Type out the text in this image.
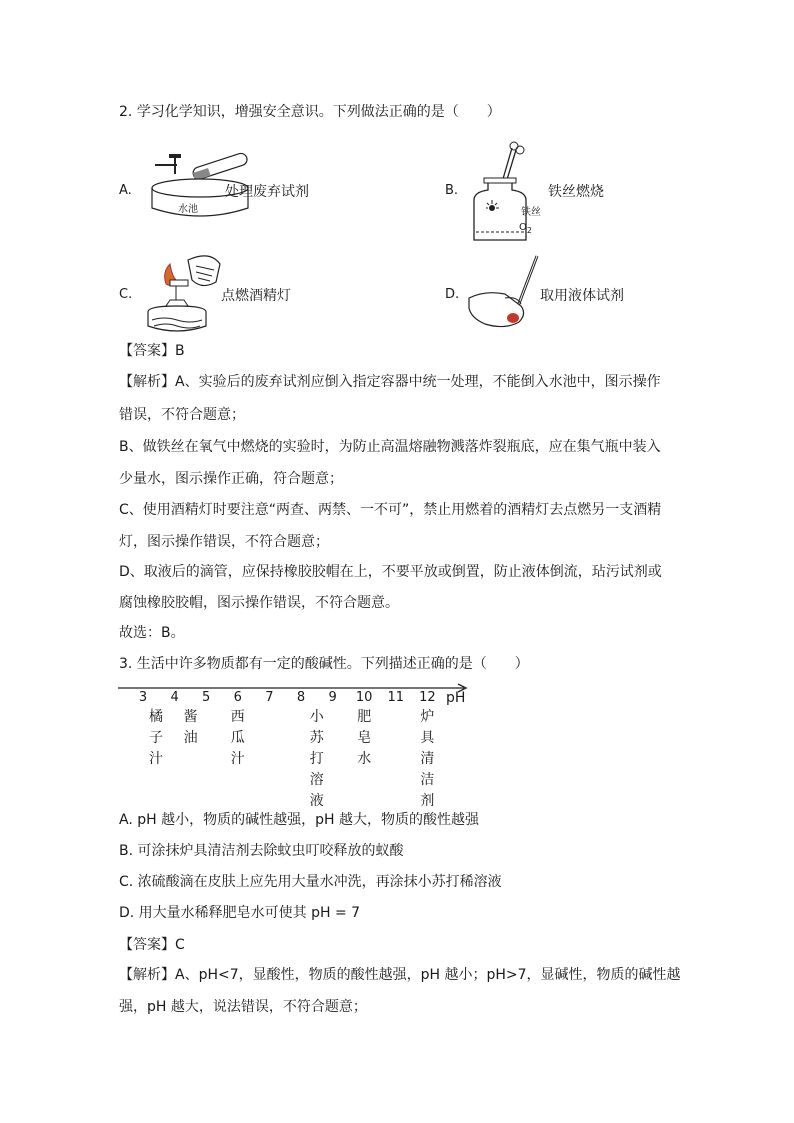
2. 学习化学知识，增强安全意识。下列做法正确的是（　　）
A.
水池
处理废弃试剂	B.
铁丝
$O_2$
铁丝燃烧
C.	点燃酒精灯	D.	取用液体试剂
【答案】B
【解析】A、实验后的废弃试剂应倒入指定容器中统一处理，不能倒入水池中，图示操作
错误，不符合题意；
B、做铁丝在氧气中燃烧的实验时，为防止高温熔融物溅落炸裂瓶底，应在集气瓶中装入
少量水，图示操作正确，符合题意；
C、使用酒精灯时要注意“两查、两禁、一不可”，禁止用燃着的酒精灯去点燃另一支酒精
灯，图示操作错误，不符合题意；
D、取液后的滴管，应保持橡胶胶帽在上，不要平放或倒置，防止液体倒流，玷污试剂或
腐蚀橡胶胶帽，图示操作错误，不符合题意。
故选：B。
3. 生活中许多物质都有一定的酸碱性。下列描述正确的是（　　）
pH
3	4	5	6	7	8	9	10 11 12
橘
子
汁
酱
油
西
瓜
汁
小
苏
打
溶
液
肥
皂
水
炉
具
清
洁
剂
A. pH 越小，物质的碱性越强，pH 越大，物质的酸性越强
B. 可涂抹炉具清洁剂去除蚊虫叮咬释放的蚁酸
C. 浓硫酸滴在皮肤上应先用大量水冲洗，再涂抹小苏打稀溶液
D. 用大量水稀释肥皂水可使其 pH = 7
【答案】C
【解析】A、pH<7，显酸性，物质的酸性越强，pH 越小；pH>7，显碱性，物质的碱性越
强，pH 越大，说法错误，不符合题意；
